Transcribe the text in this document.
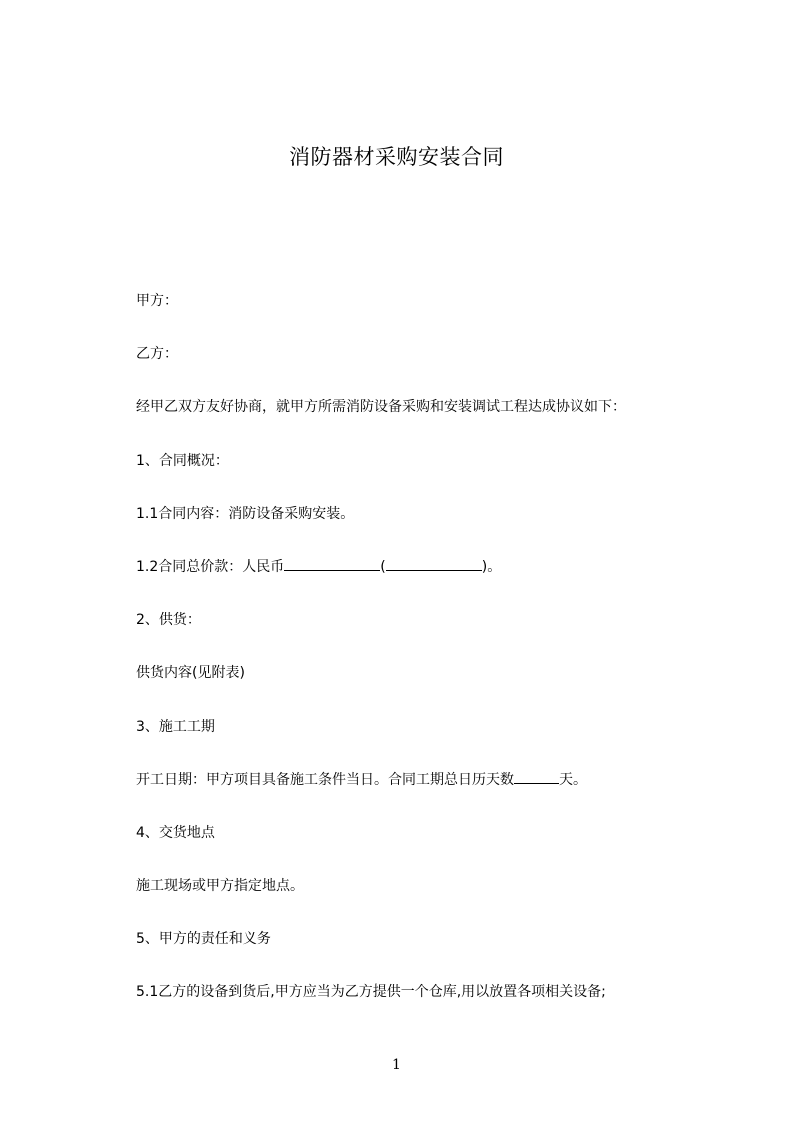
消防器材采购安装合同
甲方：
乙方：
经甲乙双方友好协商，就甲方所需消防设备采购和安装调试工程达成协议如下：
1、合同概况：
1.1合同内容：消防设备采购安装。
1.2合同总价款：人民币	(	)。
2、供货：
供货内容(见附表)
3、施工工期
开工日期：甲方项目具备施工条件当日。合同工期总日历天数	天。
4、交货地点
施工现场或甲方指定地点。
5、甲方的责任和义务
5.1乙方的设备到货后,甲方应当为乙方提供一个仓库,用以放置各项相关设备;
1
